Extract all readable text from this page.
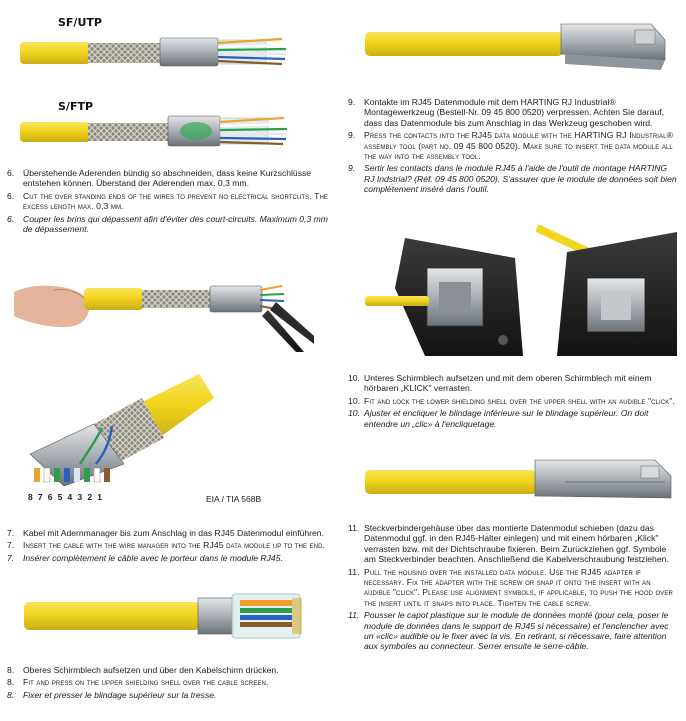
SF/UTP
S/FTP
6.	Überstehende Aderenden bündig so abschneiden, dass keine Kurzschlüsse entstehen können. Überstand der Aderenden max. 0,3 mm.
6.	Cut the over standing ends of the wires to prevent no electrical shortcuts. The excess length max. 0,3 mm.
6.	Couper les brins qui dépassent afin d'éviter des court-circuits. Maximum 0,3 mm de dépassement.
8 7 6 5 4 3 2 1	EIA / TIA 568B
7.	Kabel mit Adernmanager bis zum Anschlag in das RJ45 Datenmodul einführen.
7.	Insert the cable with the wire manager into the RJ45 data module up to the end.
7.	Insérer complètement le câble avec le porteur dans le module RJ45.
8.	Oberes Schirmblech aufsetzen und über den Kabelschirm drücken.
8.	Fit and press on the upper shielding shell over the cable screen.
8.	Fixer et presser le blindage supérieur sur la tresse.
9.	Kontakte im RJ45 Datenmodule mit dem HARTING RJ Industrial® Montagewerkzeug (Bestell-Nr. 09 45 800 0520) verpressen. Achten Sie darauf, dass das Datenmodule bis zum Anschlag in das Werkzeug geschoben wird.
9.	Press the contacts into the RJ45 data module with the HARTING RJ Industrial® assembly tool (part no. 09 45 800 0520). Make sure to insert the data module all the way into the assembly tool.
9.	Sertir les contacts dans le module RJ45 à l'aide de l'outil de montage HARTING RJ Indstrial? (Réf. 09 45 800 0520). S'assurer que le module de données soit bien complètement inséré dans l'outil.
10. Unteres Schirmblech aufsetzen und mit dem oberen Schirmblech mit einem hörbaren „KLICK" verrasten.
10. Fit and lock the lower shielding shell over the upper shell with an audible "click".
10. Ajuster et encliquer le blindage inférieure sur le blindage supérieur. On doit entendre un „clic» à l'encliquetage.
11. Steckverbindergehäuse über das montierte Datenmodul schieben (dazu das Datenmodul ggf. in den RJ45-Halter einlegen) und mit einem hörbaren „Klick" verrasten bzw. mit der Dichtschraube fixieren. Beim Zurückziehen ggf. Symbole am Steckverbinder beachten. Anschließend die Kabelverschraubung festziehen.
11. Pull the housing over the installed data module. Use the RJ45 adapter if necessary. Fix the adapter with the screw or snap it onto the insert with an audible "click". Please use alignment symbols, if applicable, to push the hood over the insert until it snaps into place. Tighten the cable screw.
11. Pousser le capot plastique sur le module de données monté (pour cela, poser le module de données dans le support de RJ45 si nécessaire) et l'enclencher avec un «clic» audible ou le fixer avec la vis. En retirant, si nécessaire, faire attention aux symboles au connecteur. Serrer ensuite le serre-câble.
